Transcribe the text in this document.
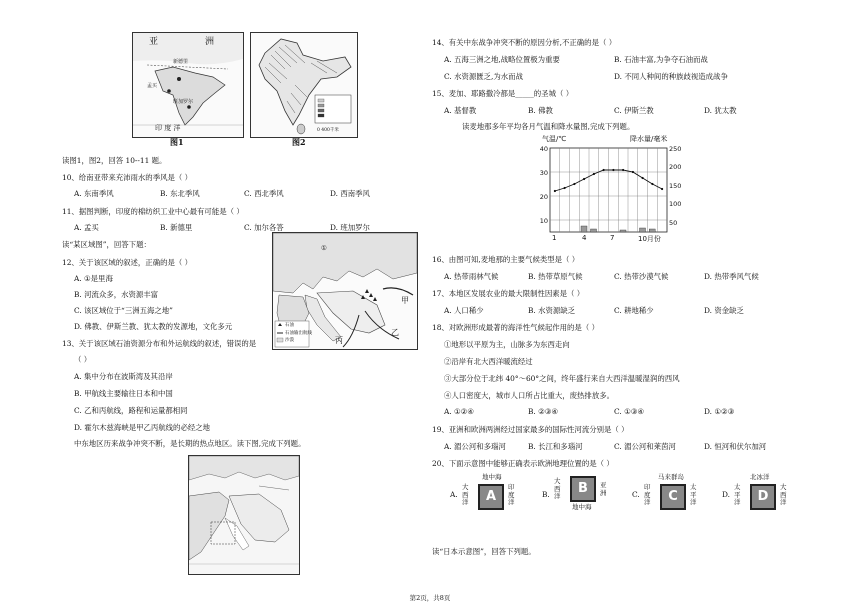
亚	洲
新德里
孟买
班加罗尔
印 度 洋
图1
0 400千米
图2
读图1，图2，回答 10--11 题。
10、给南亚带来充沛雨水的季风是（ ）
A. 东南季风	B. 东北季风	C. 西北季风	D. 西南季风
11、据图判断，印度的棉纺织工业中心最有可能是（ ）
A. 孟买	B. 新德里	C. 加尔各答	D. 班加罗尔
读“某区域图”，回答下题：	①
甲
乙
丙
石油
石油输出航线
沙漠
12、关于该区域的叙述，正确的是（ ）
A. ①是里海
B. 河流众多，水资源丰富
C. 该区域位于“三洲五海之地”
D. 佛教、伊斯兰教、犹太教的发源地，文化多元
13、关于该区域石油资源分布和外运航线的叙述，错误的是
（ ）
A. 集中分布在波斯湾及其沿岸
B. 甲航线主要输往日本和中国
C. 乙和丙航线，路程和运量都相同
D. 霍尔木兹海峡是甲乙丙航线的必经之地
中东地区历来战争冲突不断，是长期的热点地区。读下图,完成下列题。
14、有关中东战争冲突不断的原因分析,不正确的是（ ）
A. 五海三洲之地,战略位置极为重要	B. 石油丰富,为争夺石油而战
C. 水资源匮乏,为水而战	D. 不同人种间的种族歧视造成战争
15、麦加、耶路撒冷都是_____的圣城（ ）
A. 基督教	B. 佛教	C. 伊斯兰教	D. 犹太教
读麦地那多年平均各月气温和降水量图,完成下列题。
气温/℃	降水量/毫米
40
30
20
10
250
200
150
100
50
1	4	7	10月份
16、由图可知,麦地那的主要气候类型是（ ）
A. 热带雨林气候	B. 热带草原气候	C. 热带沙漠气候	D. 热带季风气候
17、本地区发展农业的最大限制性因素是（ ）
A. 人口稀少	B. 水资源缺乏	C. 耕地稀少	D. 资金缺乏
18、对欧洲形成最著的海洋性气候起作用的是（ ）
①地形以平原为主，山脉多为东西走向
②沿岸有北大西洋暖流经过
③大部分位于北纬 40°～60°之间，终年盛行来自大西洋温暖湿润的西风
④人口密度大，城市人口所占比重大，废热排放多。
A. ①②④	B. ②③④	C. ①③④	D. ①②③
19、亚洲和欧洲两洲经过国家最多的国际性河流分别是（ ）
A. 湄公河和多瑙河	B. 长江和多瑙河	C. 湄公河和莱茵河	D. 恒河和伏尔加河
20、下面示意图中能够正确表示欧洲地理位置的是（ ）
A.
地中海
大
西
洋	A
印
度
洋
B.
大
西
洋	B	亚
洲
地中海
C.
马来群岛
印
度
洋	C
太
平
洋
D.
北冰洋
太
平
洋	D
大
西
洋
读“日本示意图”，回答下列题。
第2页，共8页
